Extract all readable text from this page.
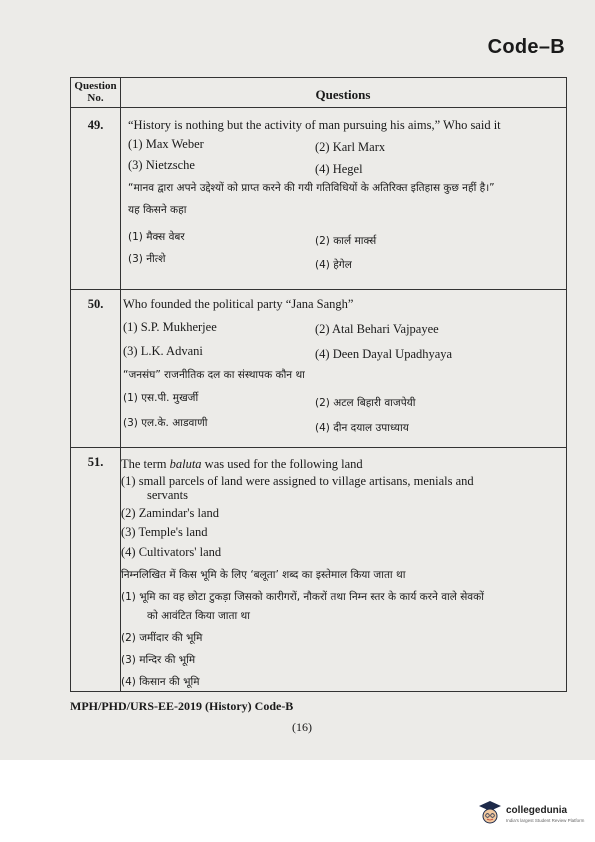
Code–B
Question
No.	Questions
49.	“History is nothing but the activity of man pursuing his aims,” Who said it
(1) Max Weber	(2) Karl Marx
(3) Nietzsche	(4) Hegel
“मानव द्वारा अपने उद्देश्यों को प्राप्त करने की गयी गतिविधियों के अतिरिक्त इतिहास कुछ नहीं है।”
यह किसने कहा
(1) मैक्स वेबर	(2) कार्ल मार्क्स
(3) नीत्शे	(4) हेगेल
50.	Who founded the political party “Jana Sangh”
(1) S.P. Mukherjee	(2) Atal Behari Vajpayee
(3) L.K. Advani	(4) Deen Dayal Upadhyaya
“जनसंघ” राजनीतिक दल का संस्थापक कौन था
(1) एस.पी. मुखर्जी	(2) अटल बिहारी वाजपेयी
(3) एल.के. आडवाणी	(4) दीन दयाल उपाध्याय
51.	The term baluta was used for the following land
(1) small parcels of land were assigned to village artisans, menials and
servants
(2) Zamindar's land
(3) Temple's land
(4) Cultivators' land
निम्नलिखित में किस भूमि के लिए ‘बलूता’ शब्द का इस्तेमाल किया जाता था
(1) भूमि का वह छोटा टुकड़ा जिसको कारीगरों, नौकरों तथा निम्न स्तर के कार्य करने वाले सेवकों
को आवंटित किया जाता था
(2) जमींदार की भूमि
(3) मन्दिर की भूमि
(4) किसान की भूमि
MPH/PHD/URS-EE-2019 (History) Code-B
(16)
collegedunia
India's largest Student Review Platform
